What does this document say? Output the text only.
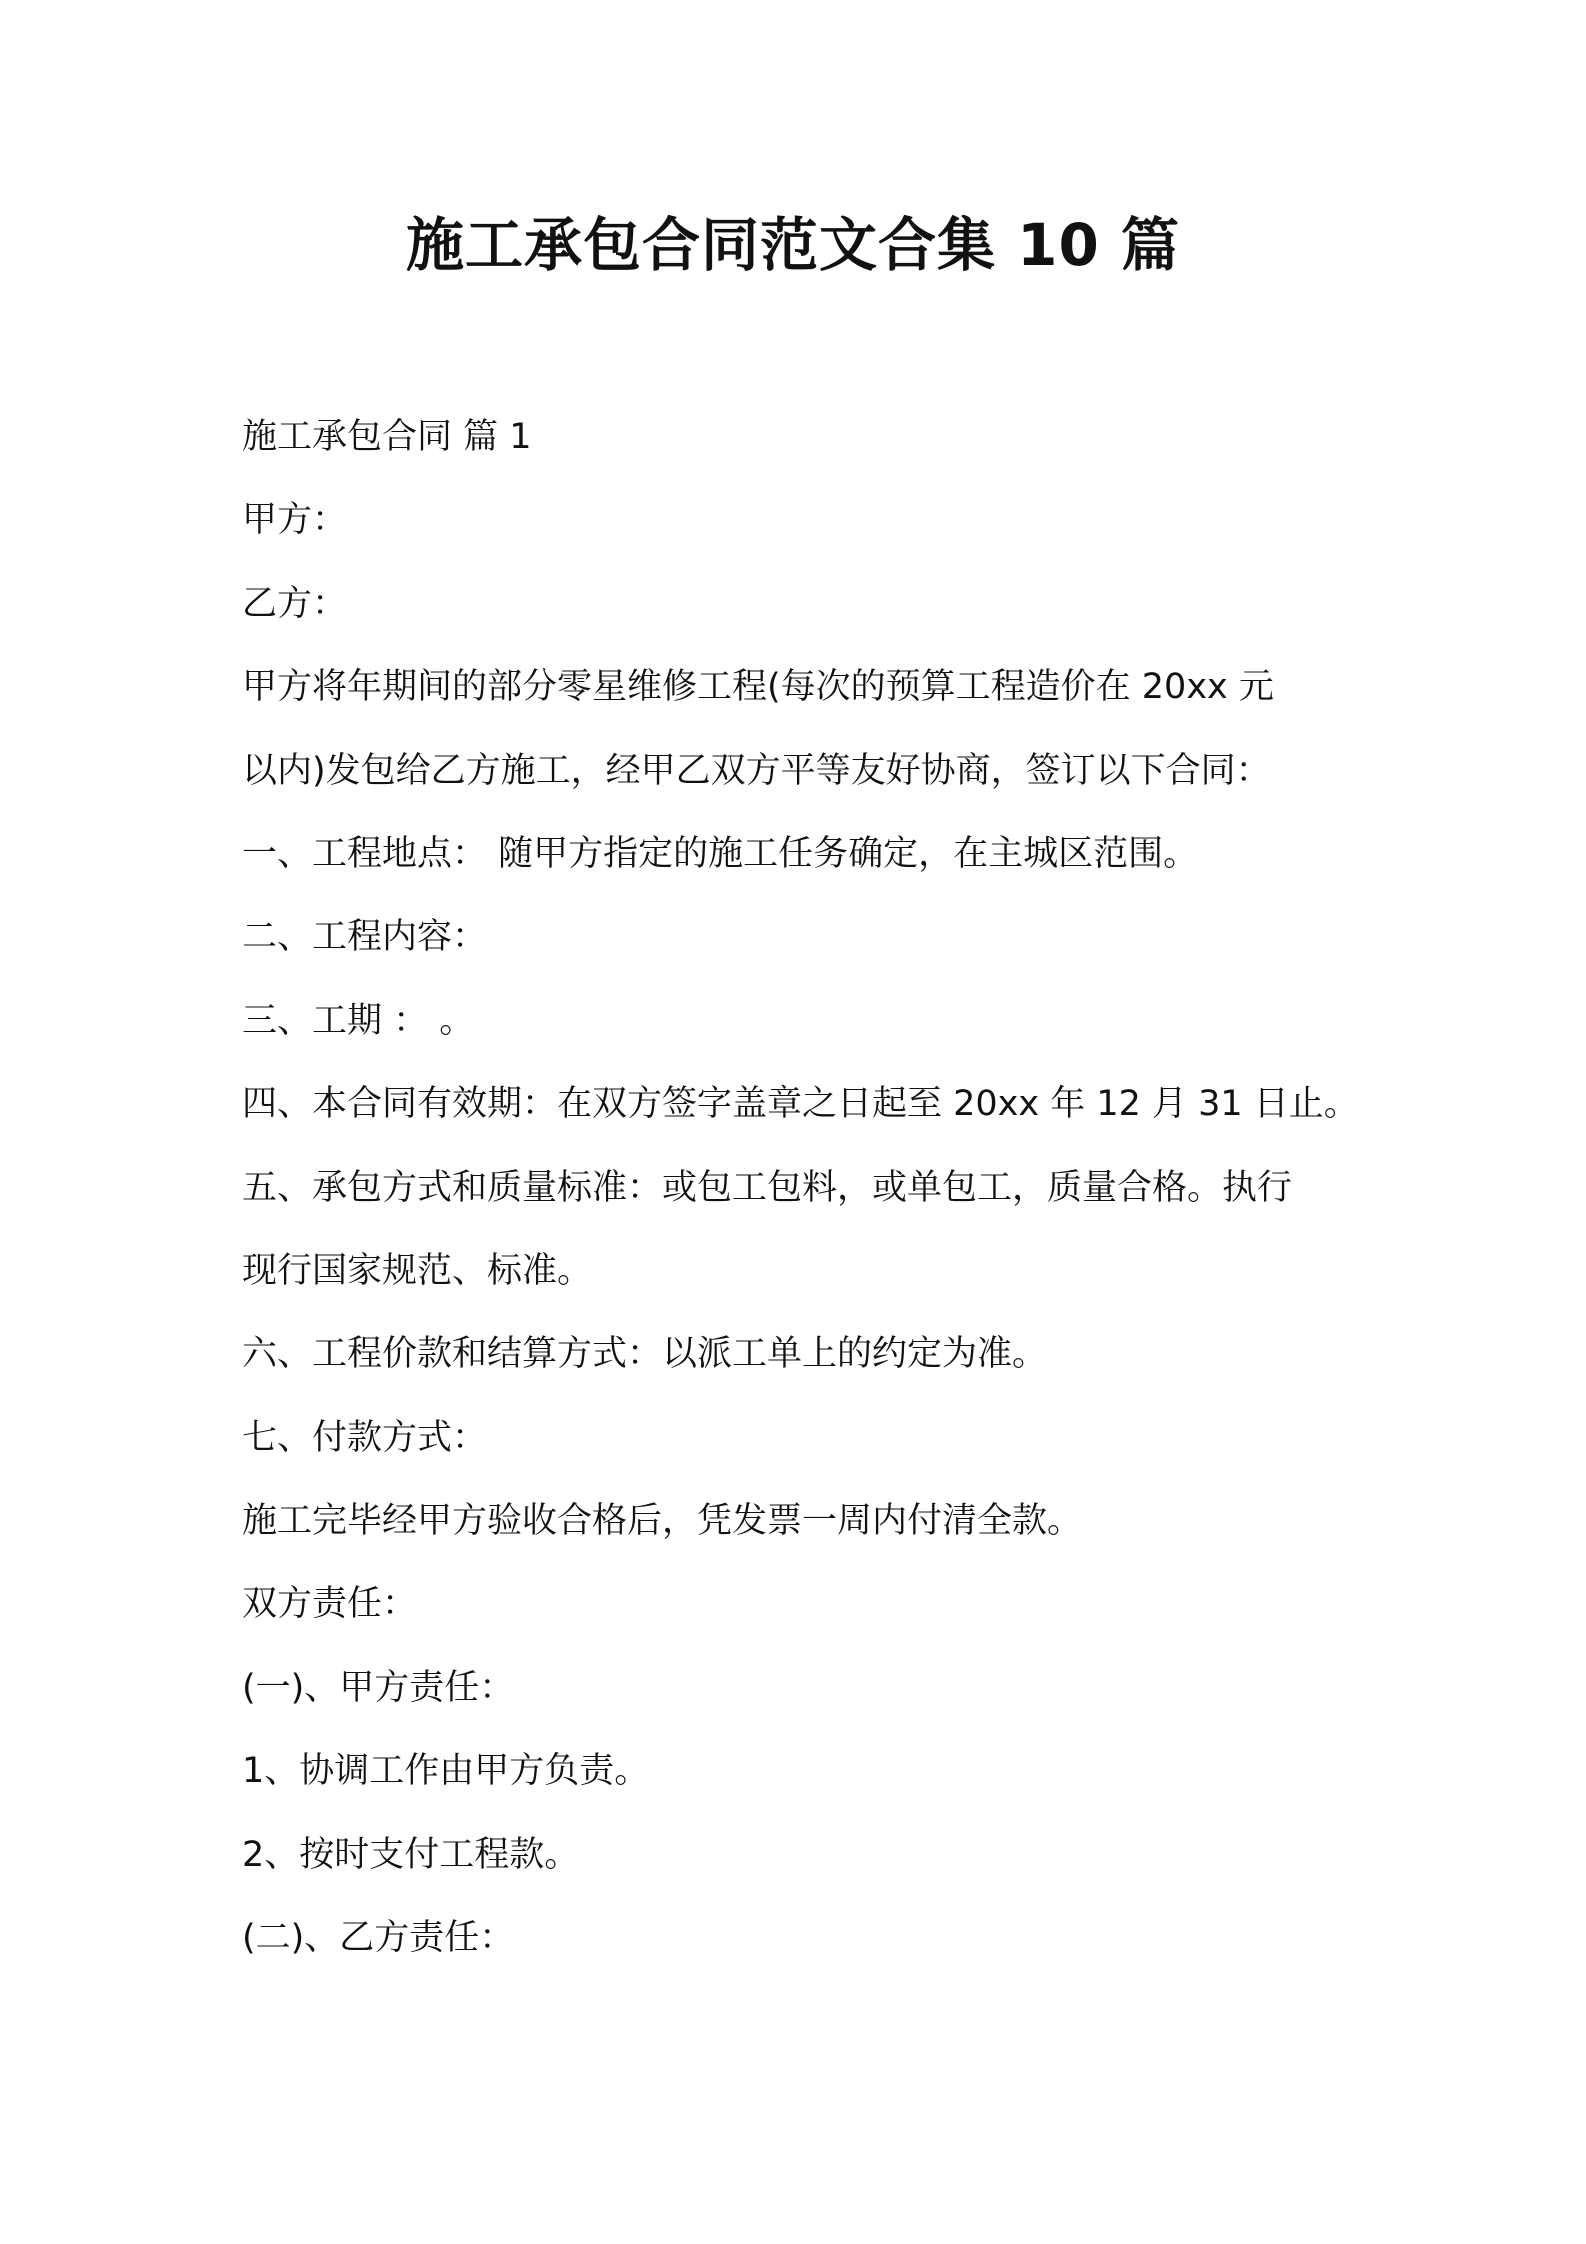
施工承包合同范文合集 10 篇

施工承包合同 篇 1

甲方：

乙方：

甲方将年期间的部分零星维修工程(每次的预算工程造价在 20xx 元

以内)发包给乙方施工，经甲乙双方平等友好协商，签订以下合同：

一、工程地点： 随甲方指定的施工任务确定，在主城区范围。

二、工程内容：

三、工期 ： 。

四、本合同有效期：在双方签字盖章之日起至 20xx 年 12 月 31 日止。

五、承包方式和质量标准：或包工包料，或单包工，质量合格。执行

现行国家规范、标准。

六、工程价款和结算方式：以派工单上的约定为准。

七、付款方式：

施工完毕经甲方验收合格后，凭发票一周内付清全款。

双方责任：

(一)、甲方责任：

1、协调工作由甲方负责。

2、按时支付工程款。

(二)、乙方责任：
